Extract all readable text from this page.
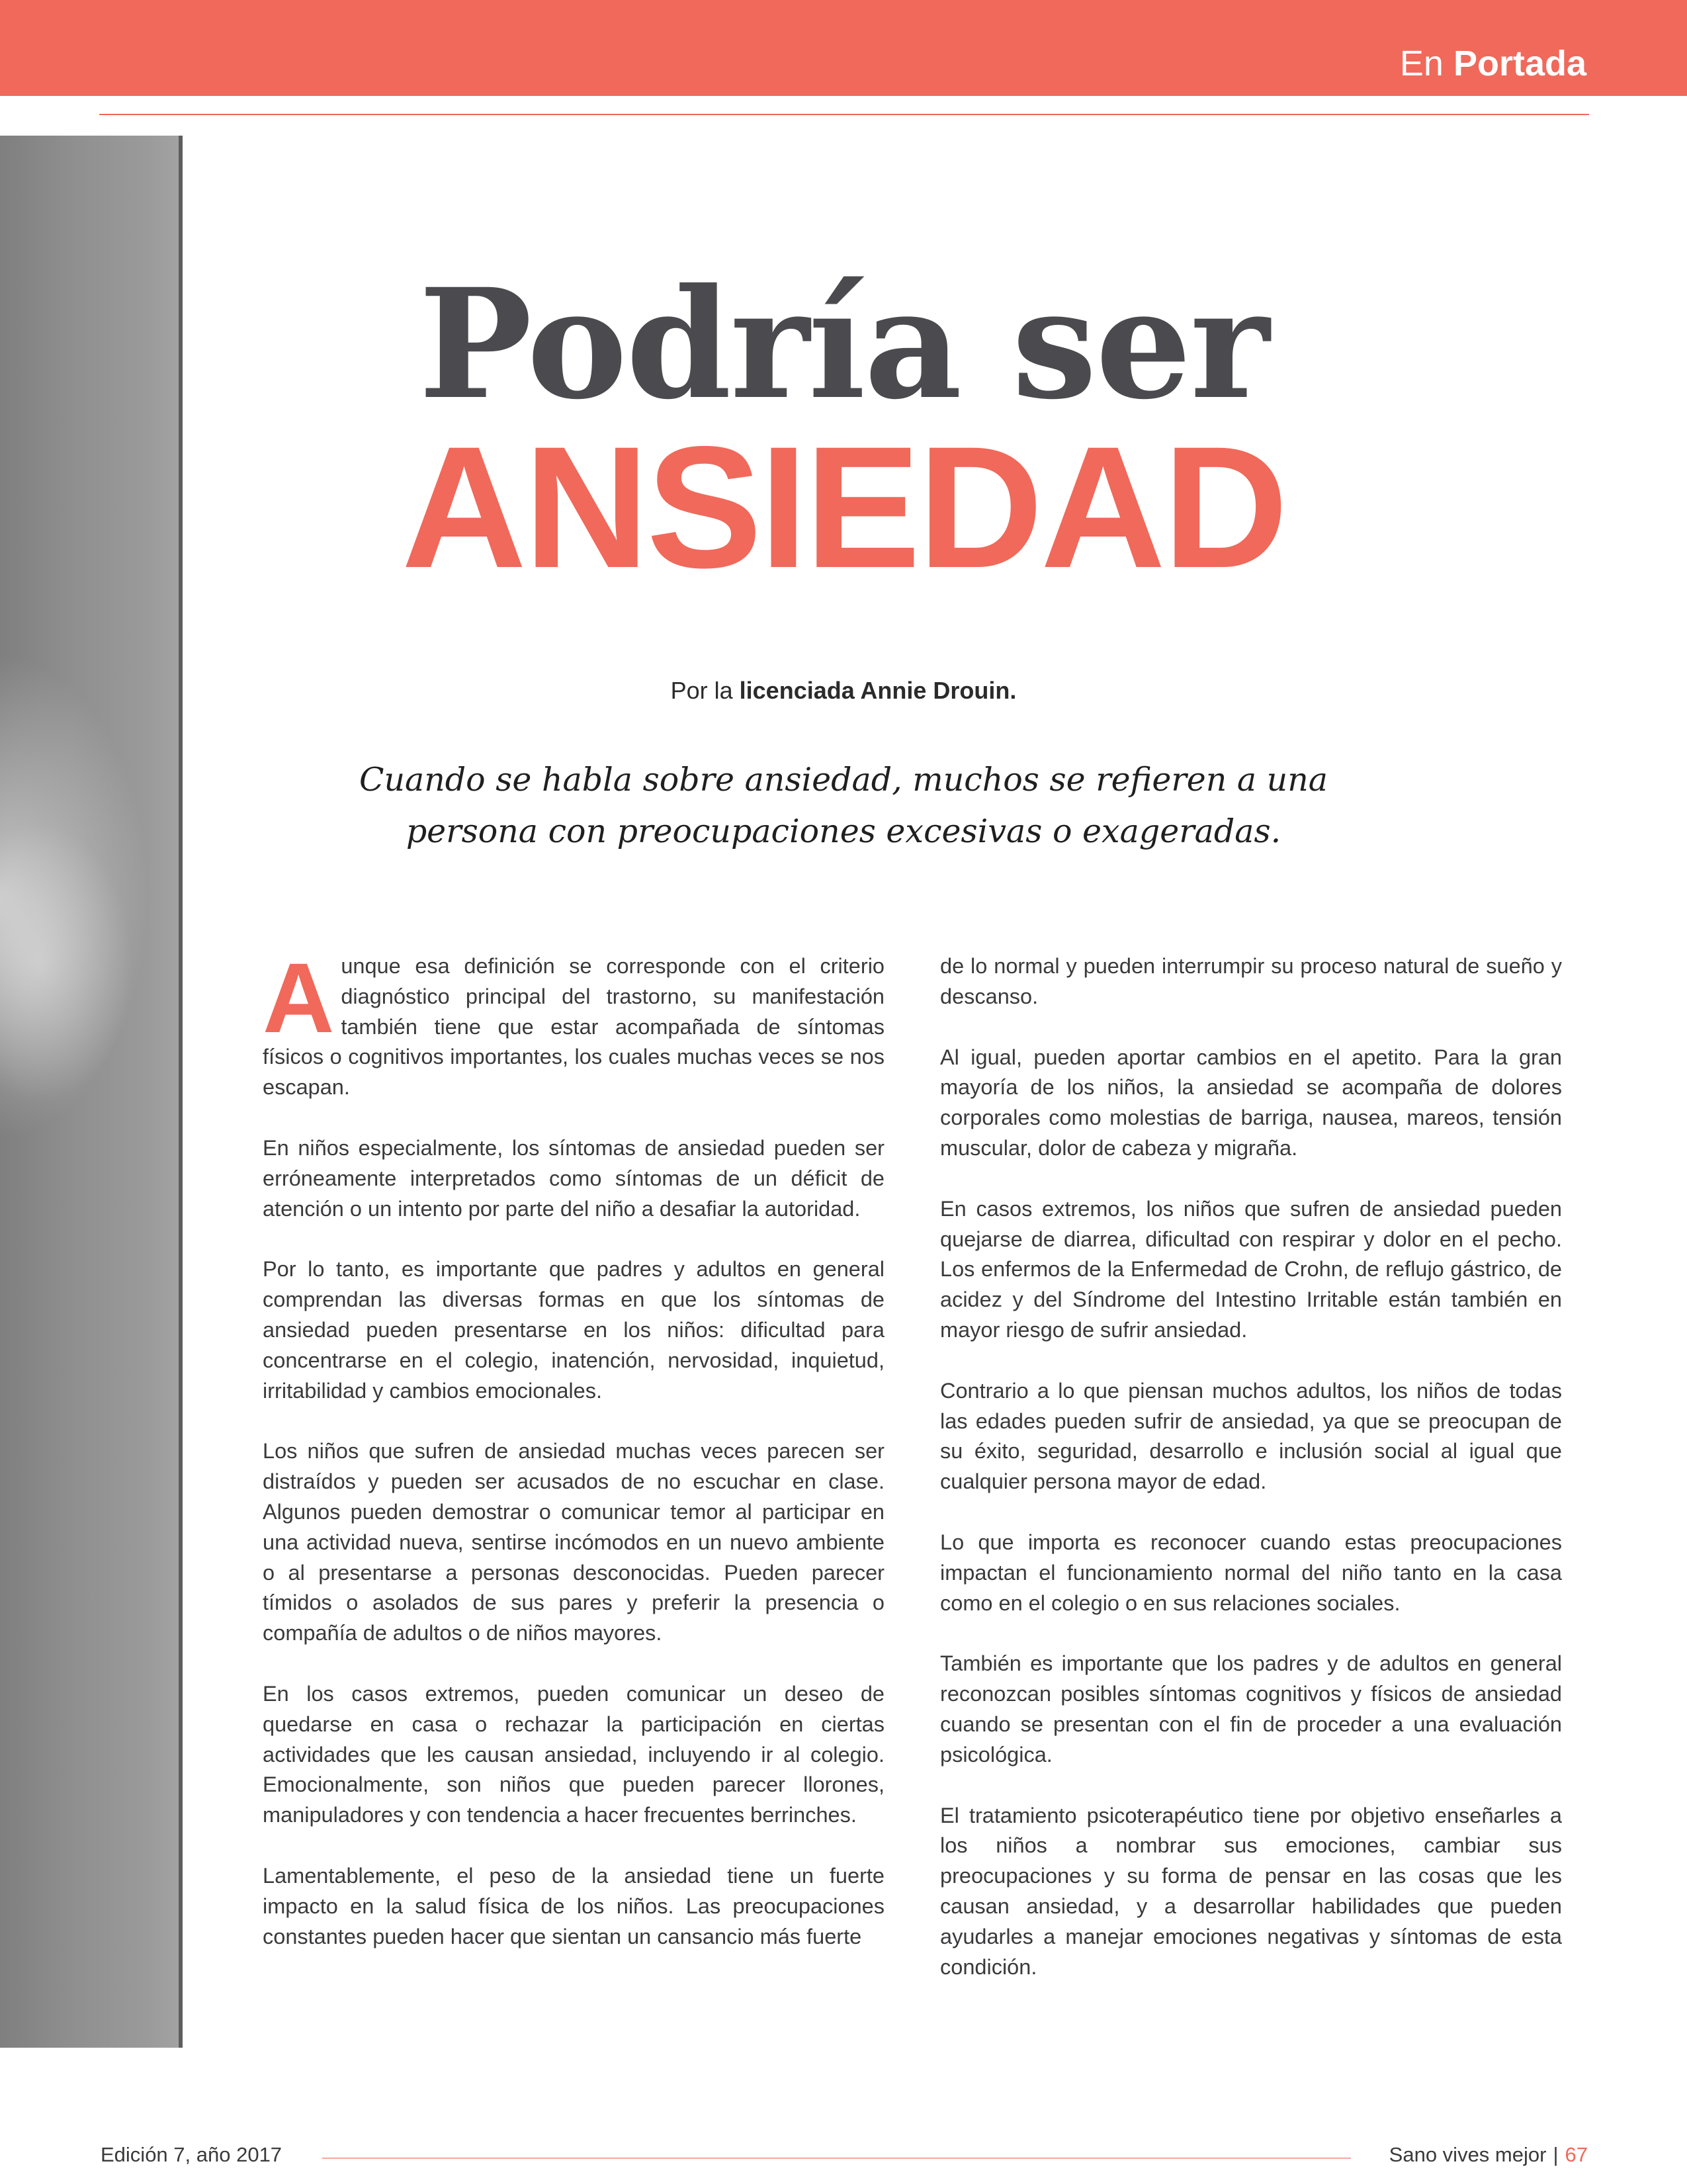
En Portada
Podría ser
ANSIEDAD
Por la licenciada Annie Drouin.
Cuando se habla sobre ansiedad, muchos se refieren a una
persona con preocupaciones excesivas o exageradas.

Aunque esa definición se corresponde con el criterio diagnóstico principal del trastorno, su manifestación también tiene que estar acompañada de síntomas físicos o cognitivos importantes, los cuales muchas veces se nos escapan.

En niños especialmente, los síntomas de ansiedad pueden ser erróneamente interpretados como síntomas de un déficit de atención o un intento por parte del niño a desafiar la autoridad.

Por lo tanto, es importante que padres y adultos en general comprendan las diversas formas en que los síntomas de ansiedad pueden presentarse en los niños: dificultad para concentrarse en el colegio, inatención, nervosidad, inquietud, irritabilidad y cambios emocionales.

Los niños que sufren de ansiedad muchas veces parecen ser distraídos y pueden ser acusados de no escuchar en clase. Algunos pueden demostrar o comunicar temor al participar en una actividad nueva, sentirse incómodos en un nuevo ambiente o al presentarse a personas desconocidas. Pueden parecer tímidos o asolados de sus pares y preferir la presencia o compañía de adultos o de niños mayores.

En los casos extremos, pueden comunicar un deseo de quedarse en casa o rechazar la participación en ciertas actividades que les causan ansiedad, incluyendo ir al colegio. Emocionalmente, son niños que pueden parecer llorones, manipuladores y con tendencia a hacer frecuentes berrinches.

Lamentablemente, el peso de la ansiedad tiene un fuerte impacto en la salud física de los niños. Las preocupaciones constantes pueden hacer que sientan un cansancio más fuerte

de lo normal y pueden interrumpir su proceso natural de sueño y descanso.

Al igual, pueden aportar cambios en el apetito. Para la gran mayoría de los niños, la ansiedad se acompaña de dolores corporales como molestias de barriga, nausea, mareos, tensión muscular, dolor de cabeza y migraña.

En casos extremos, los niños que sufren de ansiedad pueden quejarse de diarrea, dificultad con respirar y dolor en el pecho. Los enfermos de la Enfermedad de Crohn, de reflujo gástrico, de acidez y del Síndrome del Intestino Irritable están también en mayor riesgo de sufrir ansiedad.

Contrario a lo que piensan muchos adultos, los niños de todas las edades pueden sufrir de ansiedad, ya que se preocupan de su éxito, seguridad, desarrollo e inclusión social al igual que cualquier persona mayor de edad.

Lo que importa es reconocer cuando estas preocupaciones impactan el funcionamiento normal del niño tanto en la casa como en el colegio o en sus relaciones sociales.

También es importante que los padres y de adultos en general reconozcan posibles síntomas cognitivos y físicos de ansiedad cuando se presentan con el fin de proceder a una evaluación psicológica.

El tratamiento psicoterapéutico tiene por objetivo enseñarles a los niños a nombrar sus emociones, cambiar sus preocupaciones y su forma de pensar en las cosas que les causan ansiedad, y a desarrollar habilidades que pueden ayudarles a manejar emociones negativas y síntomas de esta condición.

Edición 7, año 2017	Sano vives mejor | 67
